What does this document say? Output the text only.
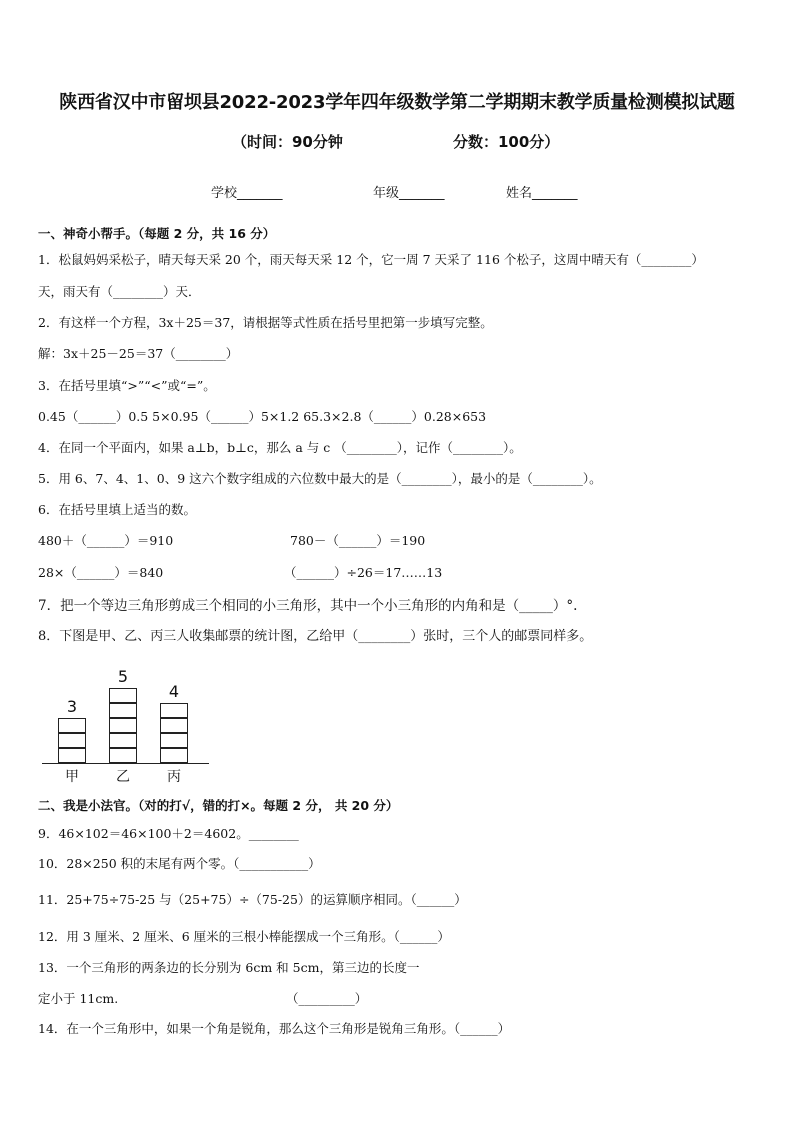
陕西省汉中市留坝县2022-2023学年四年级数学第二学期期末教学质量检测模拟试题
（时间：90分钟	分数：100分）
学校_______	年级_______	姓名_______
一、神奇小帮手。（每题 2 分，共 16 分）
1．松鼠妈妈采松子，晴天每天采 20 个，雨天每天采 12 个，它一周 7 天采了 116 个松子，这周中晴天有（________）
天，雨天有（________）天．
2．有这样一个方程，3x＋25＝37，请根据等式性质在括号里把第一步填写完整。
解：3x＋25－25＝37（________）
3．在括号里填“>”“<”或“=”。
0.45（______）0.5 5×0.95（______）5×1.2 65.3×2.8（______）0.28×653
4．在同一个平面内，如果 a⊥b，b⊥c，那么 a 与 c （________），记作（________）。
5．用 6、7、4、1、0、9 这六个数字组成的六位数中最大的是（________），最小的是（________）。
6．在括号里填上适当的数。
480＋（______）＝910	780－（______）＝190
28×（______）＝840	（______）÷26＝17……13
7．把一个等边三角形剪成三个相同的小三角形，其中一个小三角形的内角和是（_____）°.
8．下图是甲、乙、丙三人收集邮票的统计图，乙给甲（________）张时，三个人的邮票同样多。
3
甲
5
乙
4
丙
二、我是小法官。（对的打√，错的打×。每题 2 分， 共 20 分）
9．46×102＝46×100＋2＝4602。________
10．28×250 积的末尾有两个零。（___________）
11．25+75÷75-25 与（25+75）÷（75-25）的运算顺序相同。（______）
12．用 3 厘米、2 厘米、6 厘米的三根小棒能摆成一个三角形。（______）
13．一个三角形的两条边的长分别为 6cm 和 5cm，第三边的长度一
定小于 11cm.	（_________）
14．在一个三角形中，如果一个角是锐角，那么这个三角形是锐角三角形。（______）
